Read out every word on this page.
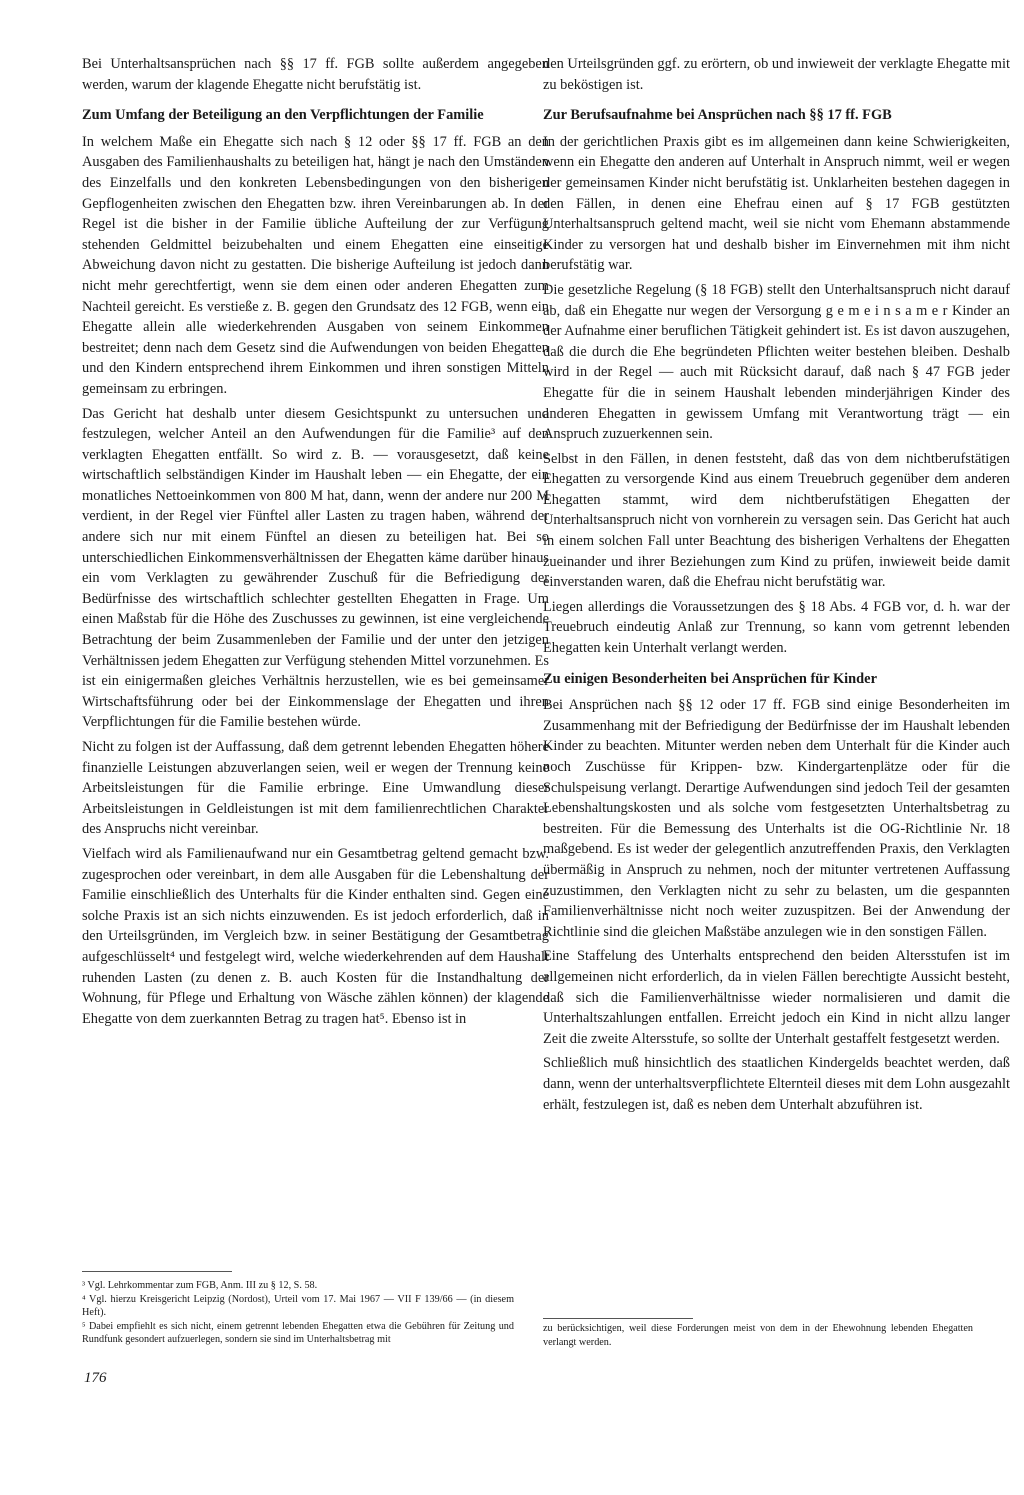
Bei Unterhaltsansprüchen nach §§ 17 ff. FGB sollte außerdem angegeben werden, warum der klagende Ehegatte nicht berufstätig ist.

Zum Umfang der Beteiligung an den Verpflichtungen der Familie

In welchem Maße ein Ehegatte sich nach § 12 oder §§ 17 ff. FGB an den Ausgaben des Familienhaushalts zu beteiligen hat, hängt je nach den Umständen des Einzelfalls und den konkreten Lebensbedingungen von den bisherigen Gepflogenheiten zwischen den Ehegatten bzw. ihren Vereinbarungen ab. In der Regel ist die bisher in der Familie übliche Aufteilung der zur Verfügung stehenden Geldmittel beizubehalten und einem Ehegatten eine einseitige Abweichung davon nicht zu gestatten. Die bisherige Aufteilung ist jedoch dann nicht mehr gerechtfertigt, wenn sie dem einen oder anderen Ehegatten zum Nachteil gereicht. Es verstieße z. B. gegen den Grundsatz des 12 FGB, wenn ein Ehegatte allein alle wiederkehrenden Ausgaben von seinem Einkommen bestreitet; denn nach dem Gesetz sind die Aufwendungen von beiden Ehegatten und den Kindern entsprechend ihrem Einkommen und ihren sonstigen Mitteln gemeinsam zu erbringen.

Das Gericht hat deshalb unter diesem Gesichtspunkt zu untersuchen und festzulegen, welcher Anteil an den Aufwendungen für die Familie³ auf den verklagten Ehegatten entfällt. So wird z. B. — vorausgesetzt, daß keine wirtschaftlich selbständigen Kinder im Haushalt leben — ein Ehegatte, der ein monatliches Nettoeinkommen von 800 M hat, dann, wenn der andere nur 200 M verdient, in der Regel vier Fünftel aller Lasten zu tragen haben, während der andere sich nur mit einem Fünftel an diesen zu beteiligen hat. Bei so unterschiedlichen Einkommensverhältnissen der Ehegatten käme darüber hinaus ein vom Verklagten zu gewährender Zuschuß für die Befriedigung der Bedürfnisse des wirtschaftlich schlechter gestellten Ehegatten in Frage. Um einen Maßstab für die Höhe des Zuschusses zu gewinnen, ist eine vergleichende Betrachtung der beim Zusammenleben der Familie und der unter den jetzigen Verhältnissen jedem Ehegatten zur Verfügung stehenden Mittel vorzunehmen. Es ist ein einigermaßen gleiches Verhältnis herzustellen, wie es bei gemeinsamer Wirtschaftsführung oder bei der Einkommenslage der Ehegatten und ihren Verpflichtungen für die Familie bestehen würde.

Nicht zu folgen ist der Auffassung, daß dem getrennt lebenden Ehegatten höhere finanzielle Leistungen abzuverlangen seien, weil er wegen der Trennung keine Arbeitsleistungen für die Familie erbringe. Eine Umwandlung dieser Arbeitsleistungen in Geldleistungen ist mit dem familienrechtlichen Charakter des Anspruchs nicht vereinbar.

Vielfach wird als Familienaufwand nur ein Gesamtbetrag geltend gemacht bzw. zugesprochen oder vereinbart, in dem alle Ausgaben für die Lebenshaltung der Familie einschließlich des Unterhalts für die Kinder enthalten sind. Gegen eine solche Praxis ist an sich nichts einzuwenden. Es ist jedoch erforderlich, daß in den Urteilsgründen, im Vergleich bzw. in seiner Bestätigung der Gesamtbetrag aufgeschlüsselt⁴ und festgelegt wird, welche wiederkehrenden auf dem Haushalt ruhenden Lasten (zu denen z. B. auch Kosten für die Instandhaltung der Wohnung, für Pflege und Erhaltung von Wäsche zählen können) der klagende Ehegatte von dem zuerkannten Betrag zu tragen hat⁵. Ebenso ist in

den Urteilsgründen ggf. zu erörtern, ob und inwieweit der verklagte Ehegatte mit zu beköstigen ist.

Zur Berufsaufnahme bei Ansprüchen nach §§ 17 ff. FGB

In der gerichtlichen Praxis gibt es im allgemeinen dann keine Schwierigkeiten, wenn ein Ehegatte den anderen auf Unterhalt in Anspruch nimmt, weil er wegen der gemeinsamen Kinder nicht berufstätig ist. Unklarheiten bestehen dagegen in den Fällen, in denen eine Ehefrau einen auf § 17 FGB gestützten Unterhaltsanspruch geltend macht, weil sie nicht vom Ehemann abstammende Kinder zu versorgen hat und deshalb bisher im Einvernehmen mit ihm nicht berufstätig war.

Die gesetzliche Regelung (§ 18 FGB) stellt den Unterhaltsanspruch nicht darauf ab, daß ein Ehegatte nur wegen der Versorgung g e m e i n s a m e r Kinder an der Aufnahme einer beruflichen Tätigkeit gehindert ist. Es ist davon auszugehen, daß die durch die Ehe begründeten Pflichten weiter bestehen bleiben. Deshalb wird in der Regel — auch mit Rücksicht darauf, daß nach § 47 FGB jeder Ehegatte für die in seinem Haushalt lebenden minderjährigen Kinder des anderen Ehegatten in gewissem Umfang mit Verantwortung trägt — ein Anspruch zuzuerkennen sein.

Selbst in den Fällen, in denen feststeht, daß das von dem nichtberufstätigen Ehegatten zu versorgende Kind aus einem Treuebruch gegenüber dem anderen Ehegatten stammt, wird dem nichtberufstätigen Ehegatten der Unterhaltsanspruch nicht von vornherein zu versagen sein. Das Gericht hat auch in einem solchen Fall unter Beachtung des bisherigen Verhaltens der Ehegatten zueinander und ihrer Beziehungen zum Kind zu prüfen, inwieweit beide damit einverstanden waren, daß die Ehefrau nicht berufstätig war.

Liegen allerdings die Voraussetzungen des § 18 Abs. 4 FGB vor, d. h. war der Treuebruch eindeutig Anlaß zur Trennung, so kann vom getrennt lebenden Ehegatten kein Unterhalt verlangt werden.

Zu einigen Besonderheiten bei Ansprüchen für Kinder

Bei Ansprüchen nach §§ 12 oder 17 ff. FGB sind einige Besonderheiten im Zusammenhang mit der Befriedigung der Bedürfnisse der im Haushalt lebenden Kinder zu beachten. Mitunter werden neben dem Unterhalt für die Kinder auch noch Zuschüsse für Krippen- bzw. Kindergartenplätze oder für die Schulspeisung verlangt. Derartige Aufwendungen sind jedoch Teil der gesamten Lebenshaltungskosten und als solche vom festgesetzten Unterhaltsbetrag zu bestreiten. Für die Bemessung des Unterhalts ist die OG-Richtlinie Nr. 18 maßgebend. Es ist weder der gelegentlich anzutreffenden Praxis, den Verklagten übermäßig in Anspruch zu nehmen, noch der mitunter vertretenen Auffassung zuzustimmen, den Verklagten nicht zu sehr zu belasten, um die gespannten Familienverhältnisse nicht noch weiter zuzuspitzen. Bei der Anwendung der Richtlinie sind die gleichen Maßstäbe anzulegen wie in den sonstigen Fällen.

Eine Staffelung des Unterhalts entsprechend den beiden Altersstufen ist im allgemeinen nicht erforderlich, da in vielen Fällen berechtigte Aussicht besteht, daß sich die Familienverhältnisse wieder normalisieren und damit die Unterhaltszahlungen entfallen. Erreicht jedoch ein Kind in nicht allzu langer Zeit die zweite Altersstufe, so sollte der Unterhalt gestaffelt festgesetzt werden.

Schließlich muß hinsichtlich des staatlichen Kindergelds beachtet werden, daß dann, wenn der unterhaltsverpflichtete Elternteil dieses mit dem Lohn ausgezahlt erhält, festzulegen ist, daß es neben dem Unterhalt abzuführen ist.

³ Vgl. Lehrkommentar zum FGB, Anm. III zu § 12, S. 58.

⁴ Vgl. hierzu Kreisgericht Leipzig (Nordost), Urteil vom 17. Mai 1967 — VII F 139/66 — (in diesem Heft).

⁵ Dabei empfiehlt es sich nicht, einem getrennt lebenden Ehegatten etwa die Gebühren für Zeitung und Rundfunk gesondert aufzuerlegen, sondern sie sind im Unterhaltsbetrag mit

zu berücksichtigen, weil diese Forderungen meist von dem in der Ehewohnung lebenden Ehegatten verlangt werden.

176
